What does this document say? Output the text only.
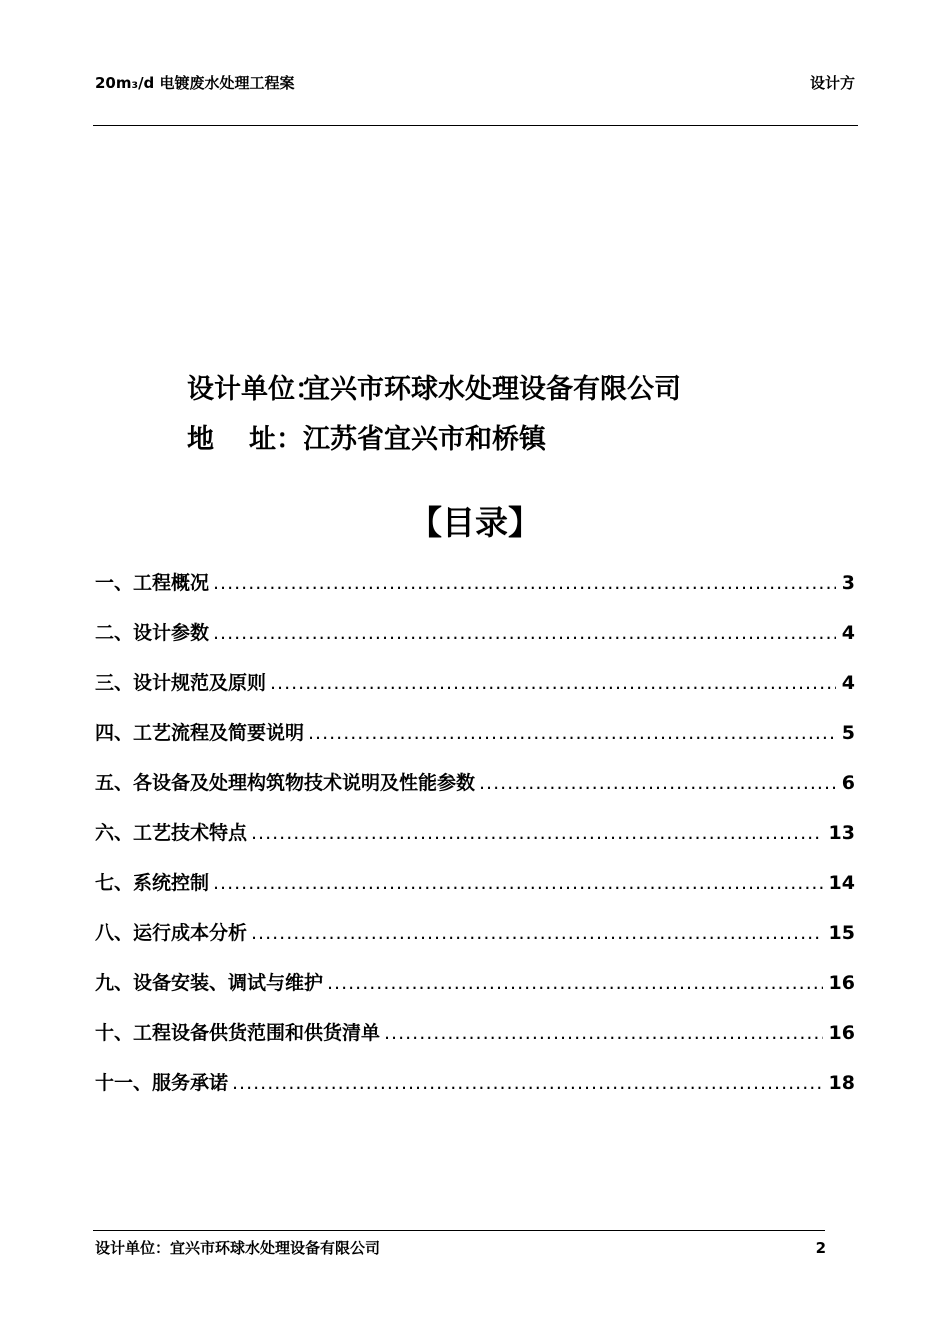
20m₃/d 电镀废水处理工程案	设计方
设计单位：
宜兴市环球水处理设备有限公司
地 址： 江苏省宜兴市和桥镇
【目录】
一、工程概况 .....	3
二、设计参数 .....	4
三、设计规范及原则 .....	4
四、工艺流程及简要说明 .....	5
五、各设备及处理构筑物技术说明及性能参数 .....	6
六、工艺技术特点 .....	13
七、系统控制 .....	14
八、运行成本分析 .....	15
九、设备安装、调试与维护 .....	16
十、工程设备供货范围和供货清单 .....	16
十一、服务承诺 .....	18
设计单位：宜兴市环球水处理设备有限公司	2
